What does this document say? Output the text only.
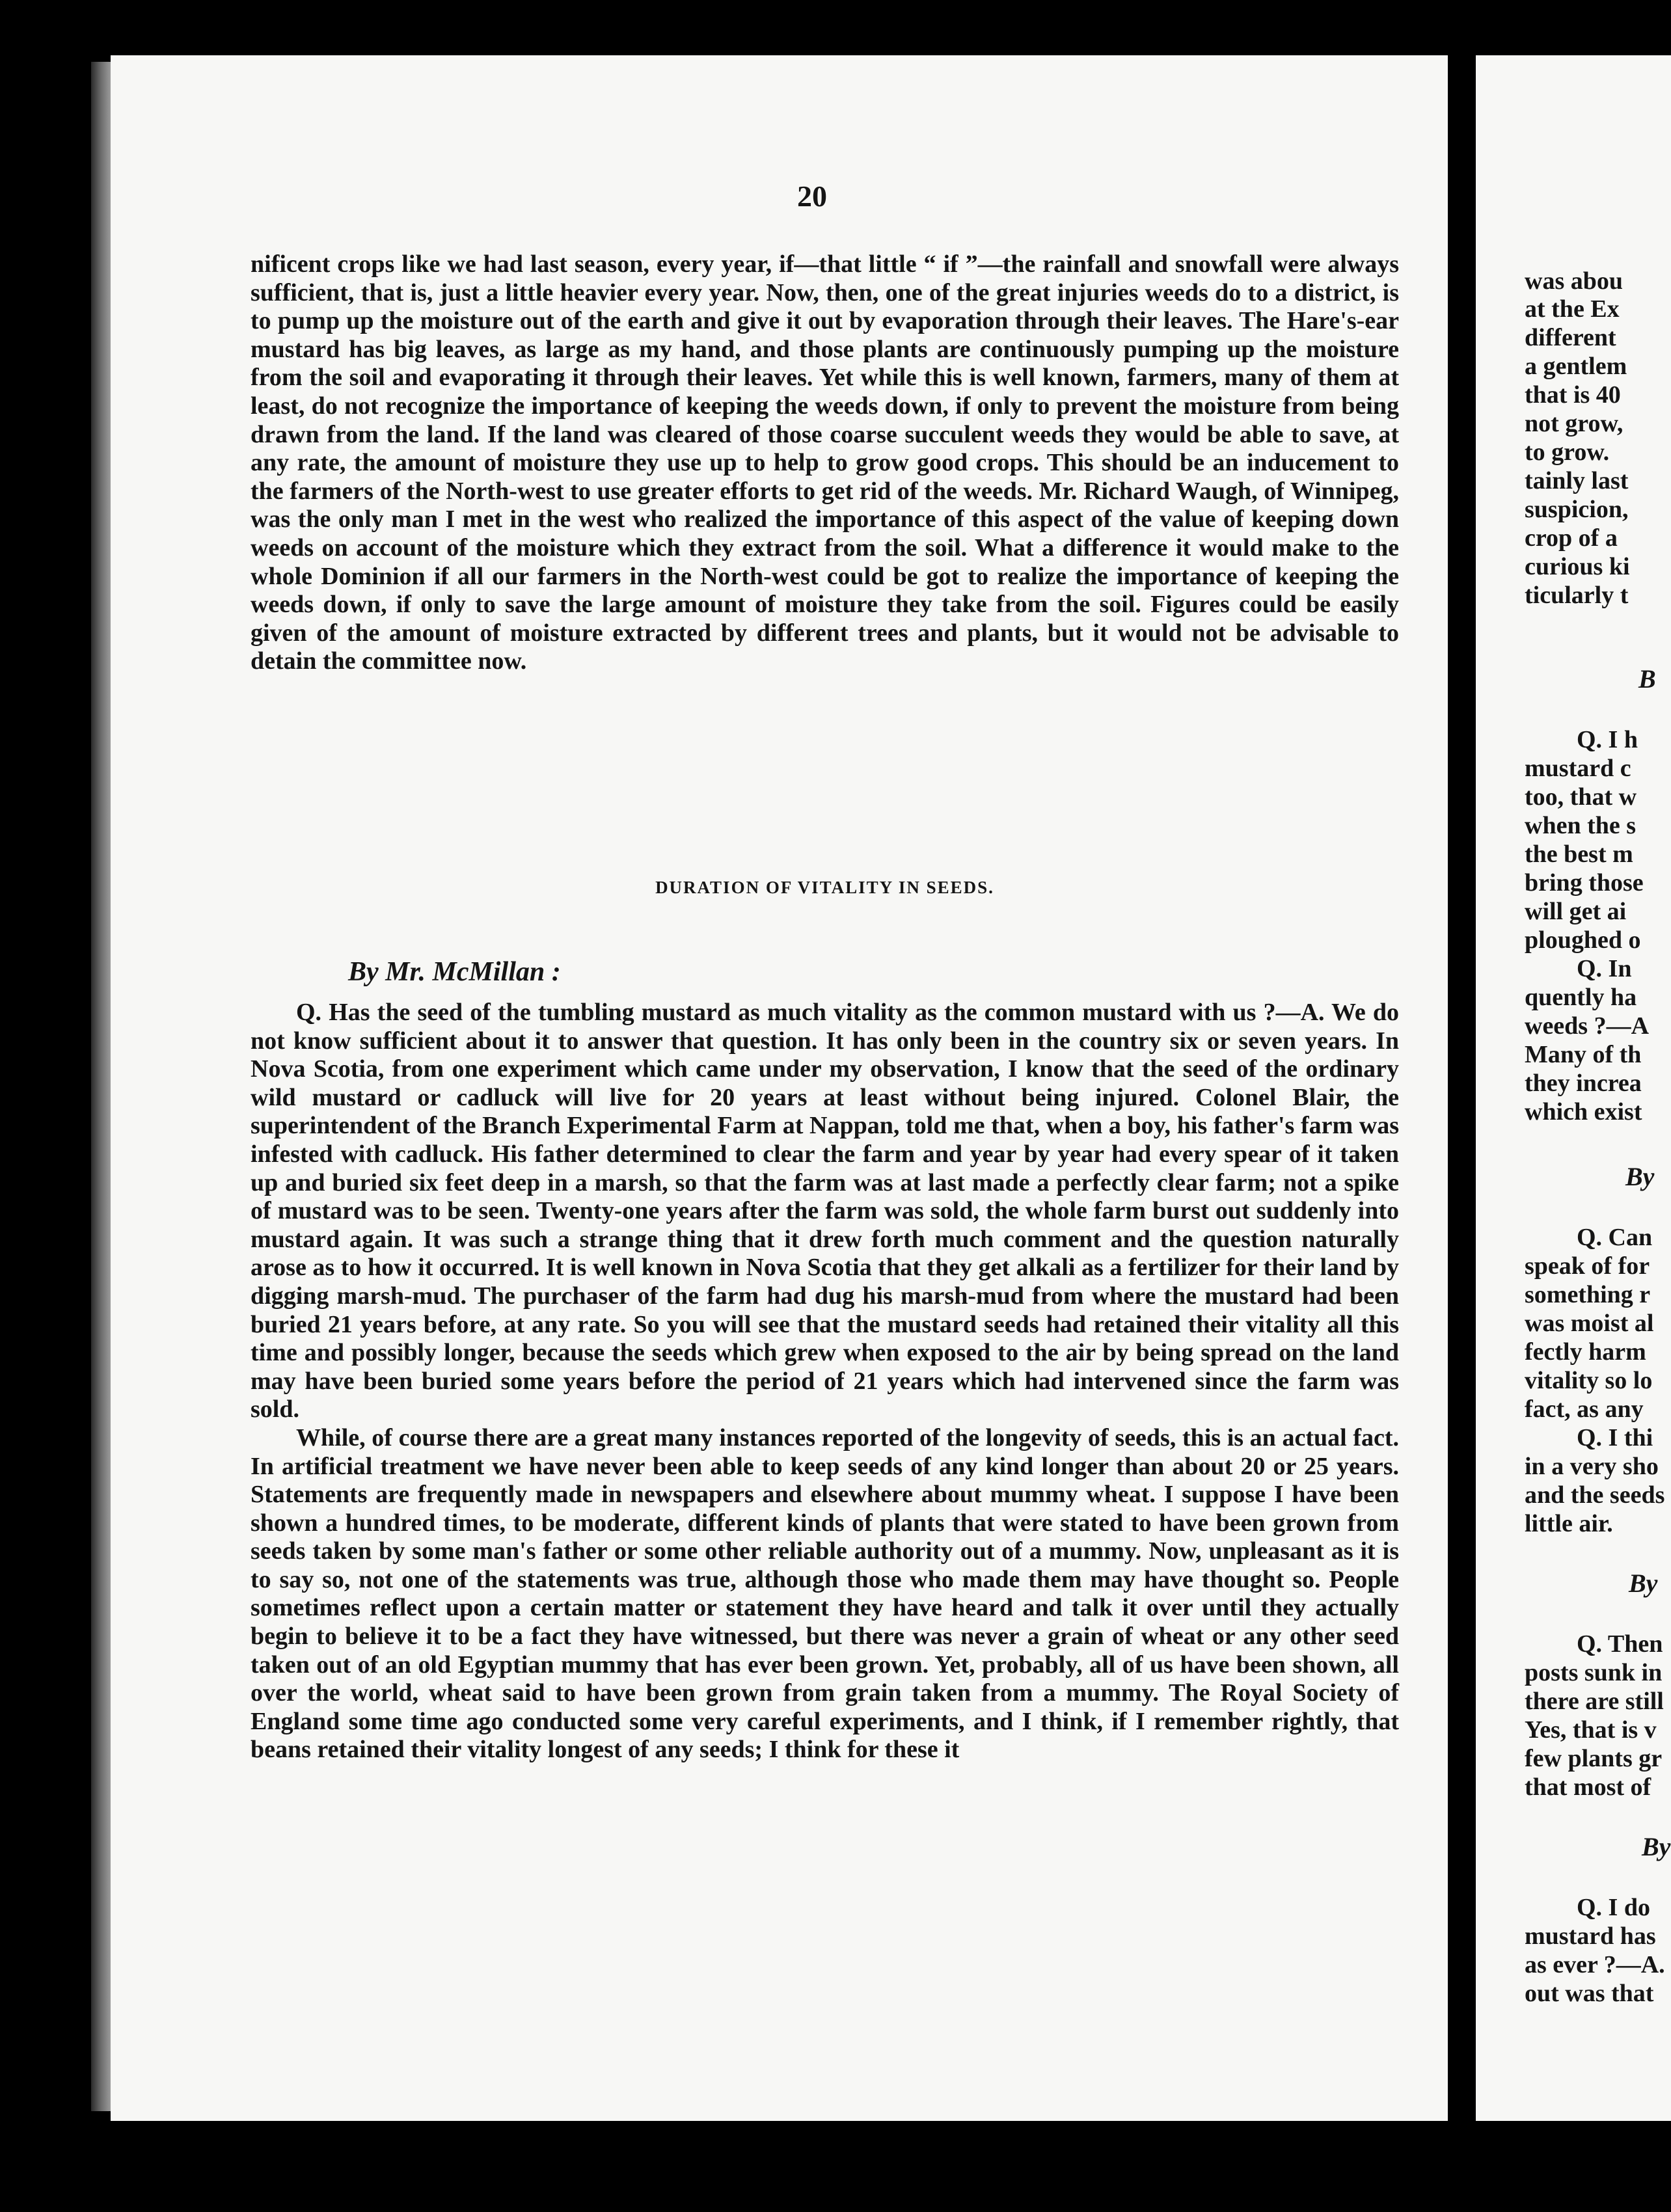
20

nificent crops like we had last season, every year, if—that little “ if ”—the rainfall and snowfall were always sufficient, that is, just a little heavier every year. Now, then, one of the great injuries weeds do to a district, is to pump up the moisture out of the earth and give it out by evaporation through their leaves. The Hare's-ear mustard has big leaves, as large as my hand, and those plants are continuously pumping up the moisture from the soil and evaporating it through their leaves. Yet while this is well known, farmers, many of them at least, do not recognize the importance of keeping the weeds down, if only to prevent the moisture from being drawn from the land. If the land was cleared of those coarse succulent weeds they would be able to save, at any rate, the amount of moisture they use up to help to grow good crops. This should be an inducement to the farmers of the North-west to use greater efforts to get rid of the weeds. Mr. Richard Waugh, of Winnipeg, was the only man I met in the west who realized the importance of this aspect of the value of keeping down weeds on account of the moisture which they extract from the soil. What a difference it would make to the whole Dominion if all our farmers in the North-west could be got to realize the importance of keeping the weeds down, if only to save the large amount of moisture they take from the soil. Figures could be easily given of the amount of moisture extracted by different trees and plants, but it would not be advisable to detain the committee now.

DURATION OF VITALITY IN SEEDS.
By Mr. McMillan :

Q. Has the seed of the tumbling mustard as much vitality as the common mustard with us ?—A. We do not know sufficient about it to answer that question. It has only been in the country six or seven years. In Nova Scotia, from one experiment which came under my observation, I know that the seed of the ordinary wild mustard or cadluck will live for 20 years at least without being injured. Colonel Blair, the superintendent of the Branch Experimental Farm at Nappan, told me that, when a boy, his father's farm was infested with cadluck. His father determined to clear the farm and year by year had every spear of it taken up and buried six feet deep in a marsh, so that the farm was at last made a perfectly clear farm; not a spike of mustard was to be seen. Twenty-one years after the farm was sold, the whole farm burst out suddenly into mustard again. It was such a strange thing that it drew forth much comment and the question naturally arose as to how it occurred. It is well known in Nova Scotia that they get alkali as a fertilizer for their land by digging marsh-mud. The purchaser of the farm had dug his marsh-mud from where the mustard had been buried 21 years before, at any rate. So you will see that the mustard seeds had retained their vitality all this time and possibly longer, because the seeds which grew when exposed to the air by being spread on the land may have been buried some years before the period of 21 years which had intervened since the farm was sold.

While, of course there are a great many instances reported of the longevity of seeds, this is an actual fact. In artificial treatment we have never been able to keep seeds of any kind longer than about 20 or 25 years. Statements are frequently made in newspapers and elsewhere about mummy wheat. I suppose I have been shown a hundred times, to be moderate, different kinds of plants that were stated to have been grown from seeds taken by some man's father or some other reliable authority out of a mummy. Now, unpleasant as it is to say so, not one of the statements was true, although those who made them may have thought so. People sometimes reflect upon a certain matter or statement they have heard and talk it over until they actually begin to believe it to be a fact they have witnessed, but there was never a grain of wheat or any other seed taken out of an old Egyptian mummy that has ever been grown. Yet, probably, all of us have been shown, all over the world, wheat said to have been grown from grain taken from a mummy. The Royal Society of England some time ago conducted some very careful experiments, and I think, if I remember rightly, that beans retained their vitality longest of any seeds; I think for these it

was abou
at the Ex
different
a gentlem
that is 40
not grow,
to grow.
tainly last
suspicion,
crop of a
curious ki
ticularly t
B
Q. I h
mustard c
too, that w
when the s
the best m
bring those
will get ai
ploughed o
Q. In
quently ha
weeds ?—A
Many of th
they increa
which exist
By
Q. Can
speak of for
something r
was moist al
fectly harm
vitality so lo
fact, as any
Q. I thi
in a very sho
and the seeds
little air.
By
Q. Then
posts sunk in
there are still
Yes, that is v
few plants gr
that most of
By
Q. I do
mustard has
as ever ?—A.
out was that
